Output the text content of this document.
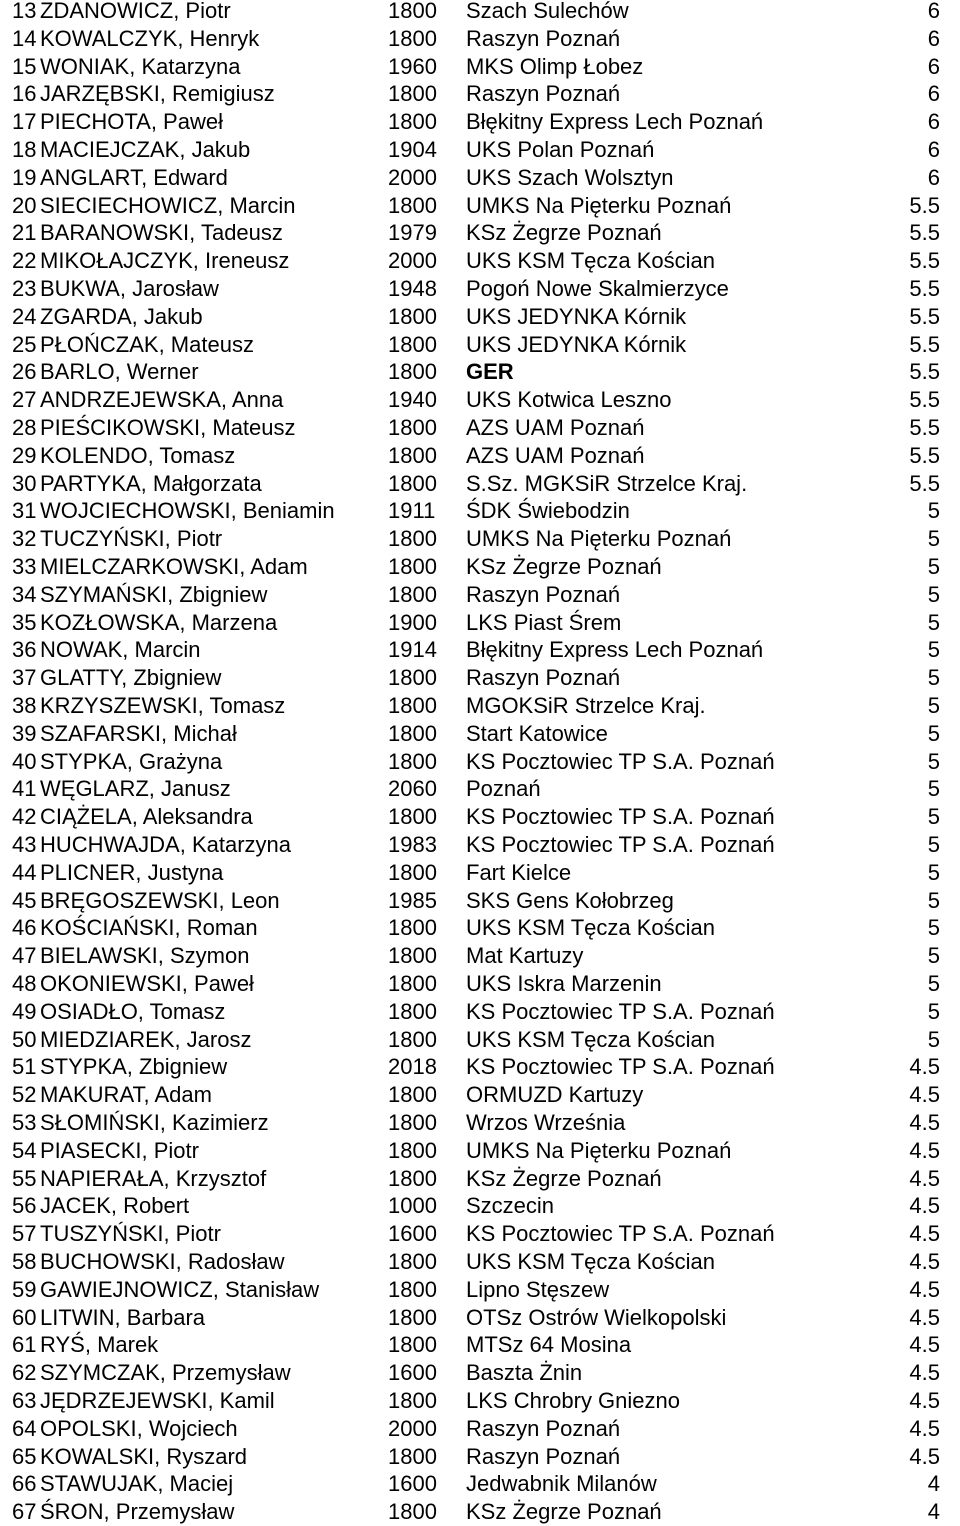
13 ZDANOWICZ, Piotr	1800 Szach Sulechów	6
14 KOWALCZYK, Henryk	1800 Raszyn Poznań	6
15 WONIAK, Katarzyna	1960 MKS Olimp Łobez	6
16 JARZĘBSKI, Remigiusz	1800 Raszyn Poznań	6
17 PIECHOTA, Paweł	1800 Błękitny Express Lech Poznań	6
18 MACIEJCZAK, Jakub	1904 UKS Polan Poznań	6
19 ANGLART, Edward	2000 UKS Szach Wolsztyn	6
20 SIECIECHOWICZ, Marcin	1800 UMKS Na Pięterku Poznań	5.5
21 BARANOWSKI, Tadeusz	1979 KSz Żegrze Poznań	5.5
22 MIKOŁAJCZYK, Ireneusz	2000 UKS KSM Tęcza Kościan	5.5
23 BUKWA, Jarosław	1948 Pogoń Nowe Skalmierzyce	5.5
24 ZGARDA, Jakub	1800 UKS JEDYNKA Kórnik	5.5
25 PŁOŃCZAK, Mateusz	1800 UKS JEDYNKA Kórnik	5.5
26 BARLO, Werner	1800 GER	5.5
27 ANDRZEJEWSKA, Anna	1940 UKS Kotwica Leszno	5.5
28 PIEŚCIKOWSKI, Mateusz	1800 AZS UAM Poznań	5.5
29 KOLENDO, Tomasz	1800 AZS UAM Poznań	5.5
30 PARTYKA, Małgorzata	1800 S.Sz. MGKSiR Strzelce Kraj.	5.5
31 WOJCIECHOWSKI, Beniamin 1911 ŚDK Świebodzin	5
32 TUCZYŃSKI, Piotr	1800 UMKS Na Pięterku Poznań	5
33 MIELCZARKOWSKI, Adam	1800 KSz Żegrze Poznań	5
34 SZYMAŃSKI, Zbigniew	1800 Raszyn Poznań	5
35 KOZŁOWSKA, Marzena	1900 LKS Piast Śrem	5
36 NOWAK, Marcin	1914 Błękitny Express Lech Poznań	5
37 GLATTY, Zbigniew	1800 Raszyn Poznań	5
38 KRZYSZEWSKI, Tomasz	1800 MGOKSiR Strzelce Kraj.	5
39 SZAFARSKI, Michał	1800 Start Katowice	5
40 STYPKA, Grażyna	1800 KS Pocztowiec TP S.A. Poznań	5
41 WĘGLARZ, Janusz	2060 Poznań	5
42 CIĄŻELA, Aleksandra	1800 KS Pocztowiec TP S.A. Poznań	5
43 HUCHWAJDA, Katarzyna	1983 KS Pocztowiec TP S.A. Poznań	5
44 PLICNER, Justyna	1800 Fart Kielce	5
45 BRĘGOSZEWSKI, Leon	1985 SKS Gens Kołobrzeg	5
46 KOŚCIAŃSKI, Roman	1800 UKS KSM Tęcza Kościan	5
47 BIELAWSKI, Szymon	1800 Mat Kartuzy	5
48 OKONIEWSKI, Paweł	1800 UKS Iskra Marzenin	5
49 OSIADŁO, Tomasz	1800 KS Pocztowiec TP S.A. Poznań	5
50 MIEDZIAREK, Jarosz	1800 UKS KSM Tęcza Kościan	5
51 STYPKA, Zbigniew	2018 KS Pocztowiec TP S.A. Poznań	4.5
52 MAKURAT, Adam	1800 ORMUZD Kartuzy	4.5
53 SŁOMIŃSKI, Kazimierz	1800 Wrzos Września	4.5
54 PIASECKI, Piotr	1800 UMKS Na Pięterku Poznań	4.5
55 NAPIERAŁA, Krzysztof	1800 KSz Żegrze Poznań	4.5
56 JACEK, Robert	1000 Szczecin	4.5
57 TUSZYŃSKI, Piotr	1600 KS Pocztowiec TP S.A. Poznań	4.5
58 BUCHOWSKI, Radosław	1800 UKS KSM Tęcza Kościan	4.5
59 GAWIEJNOWICZ, Stanisław	1800 Lipno Stęszew	4.5
60 LITWIN, Barbara	1800 OTSz Ostrów Wielkopolski	4.5
61 RYŚ, Marek	1800 MTSz 64 Mosina	4.5
62 SZYMCZAK, Przemysław	1600 Baszta Żnin	4.5
63 JĘDRZEJEWSKI, Kamil	1800 LKS Chrobry Gniezno	4.5
64 OPOLSKI, Wojciech	2000 Raszyn Poznań	4.5
65 KOWALSKI, Ryszard	1800 Raszyn Poznań	4.5
66 STAWUJAK, Maciej	1600 Jedwabnik Milanów	4
67 ŚRON, Przemysław	1800 KSz Żegrze Poznań	4
